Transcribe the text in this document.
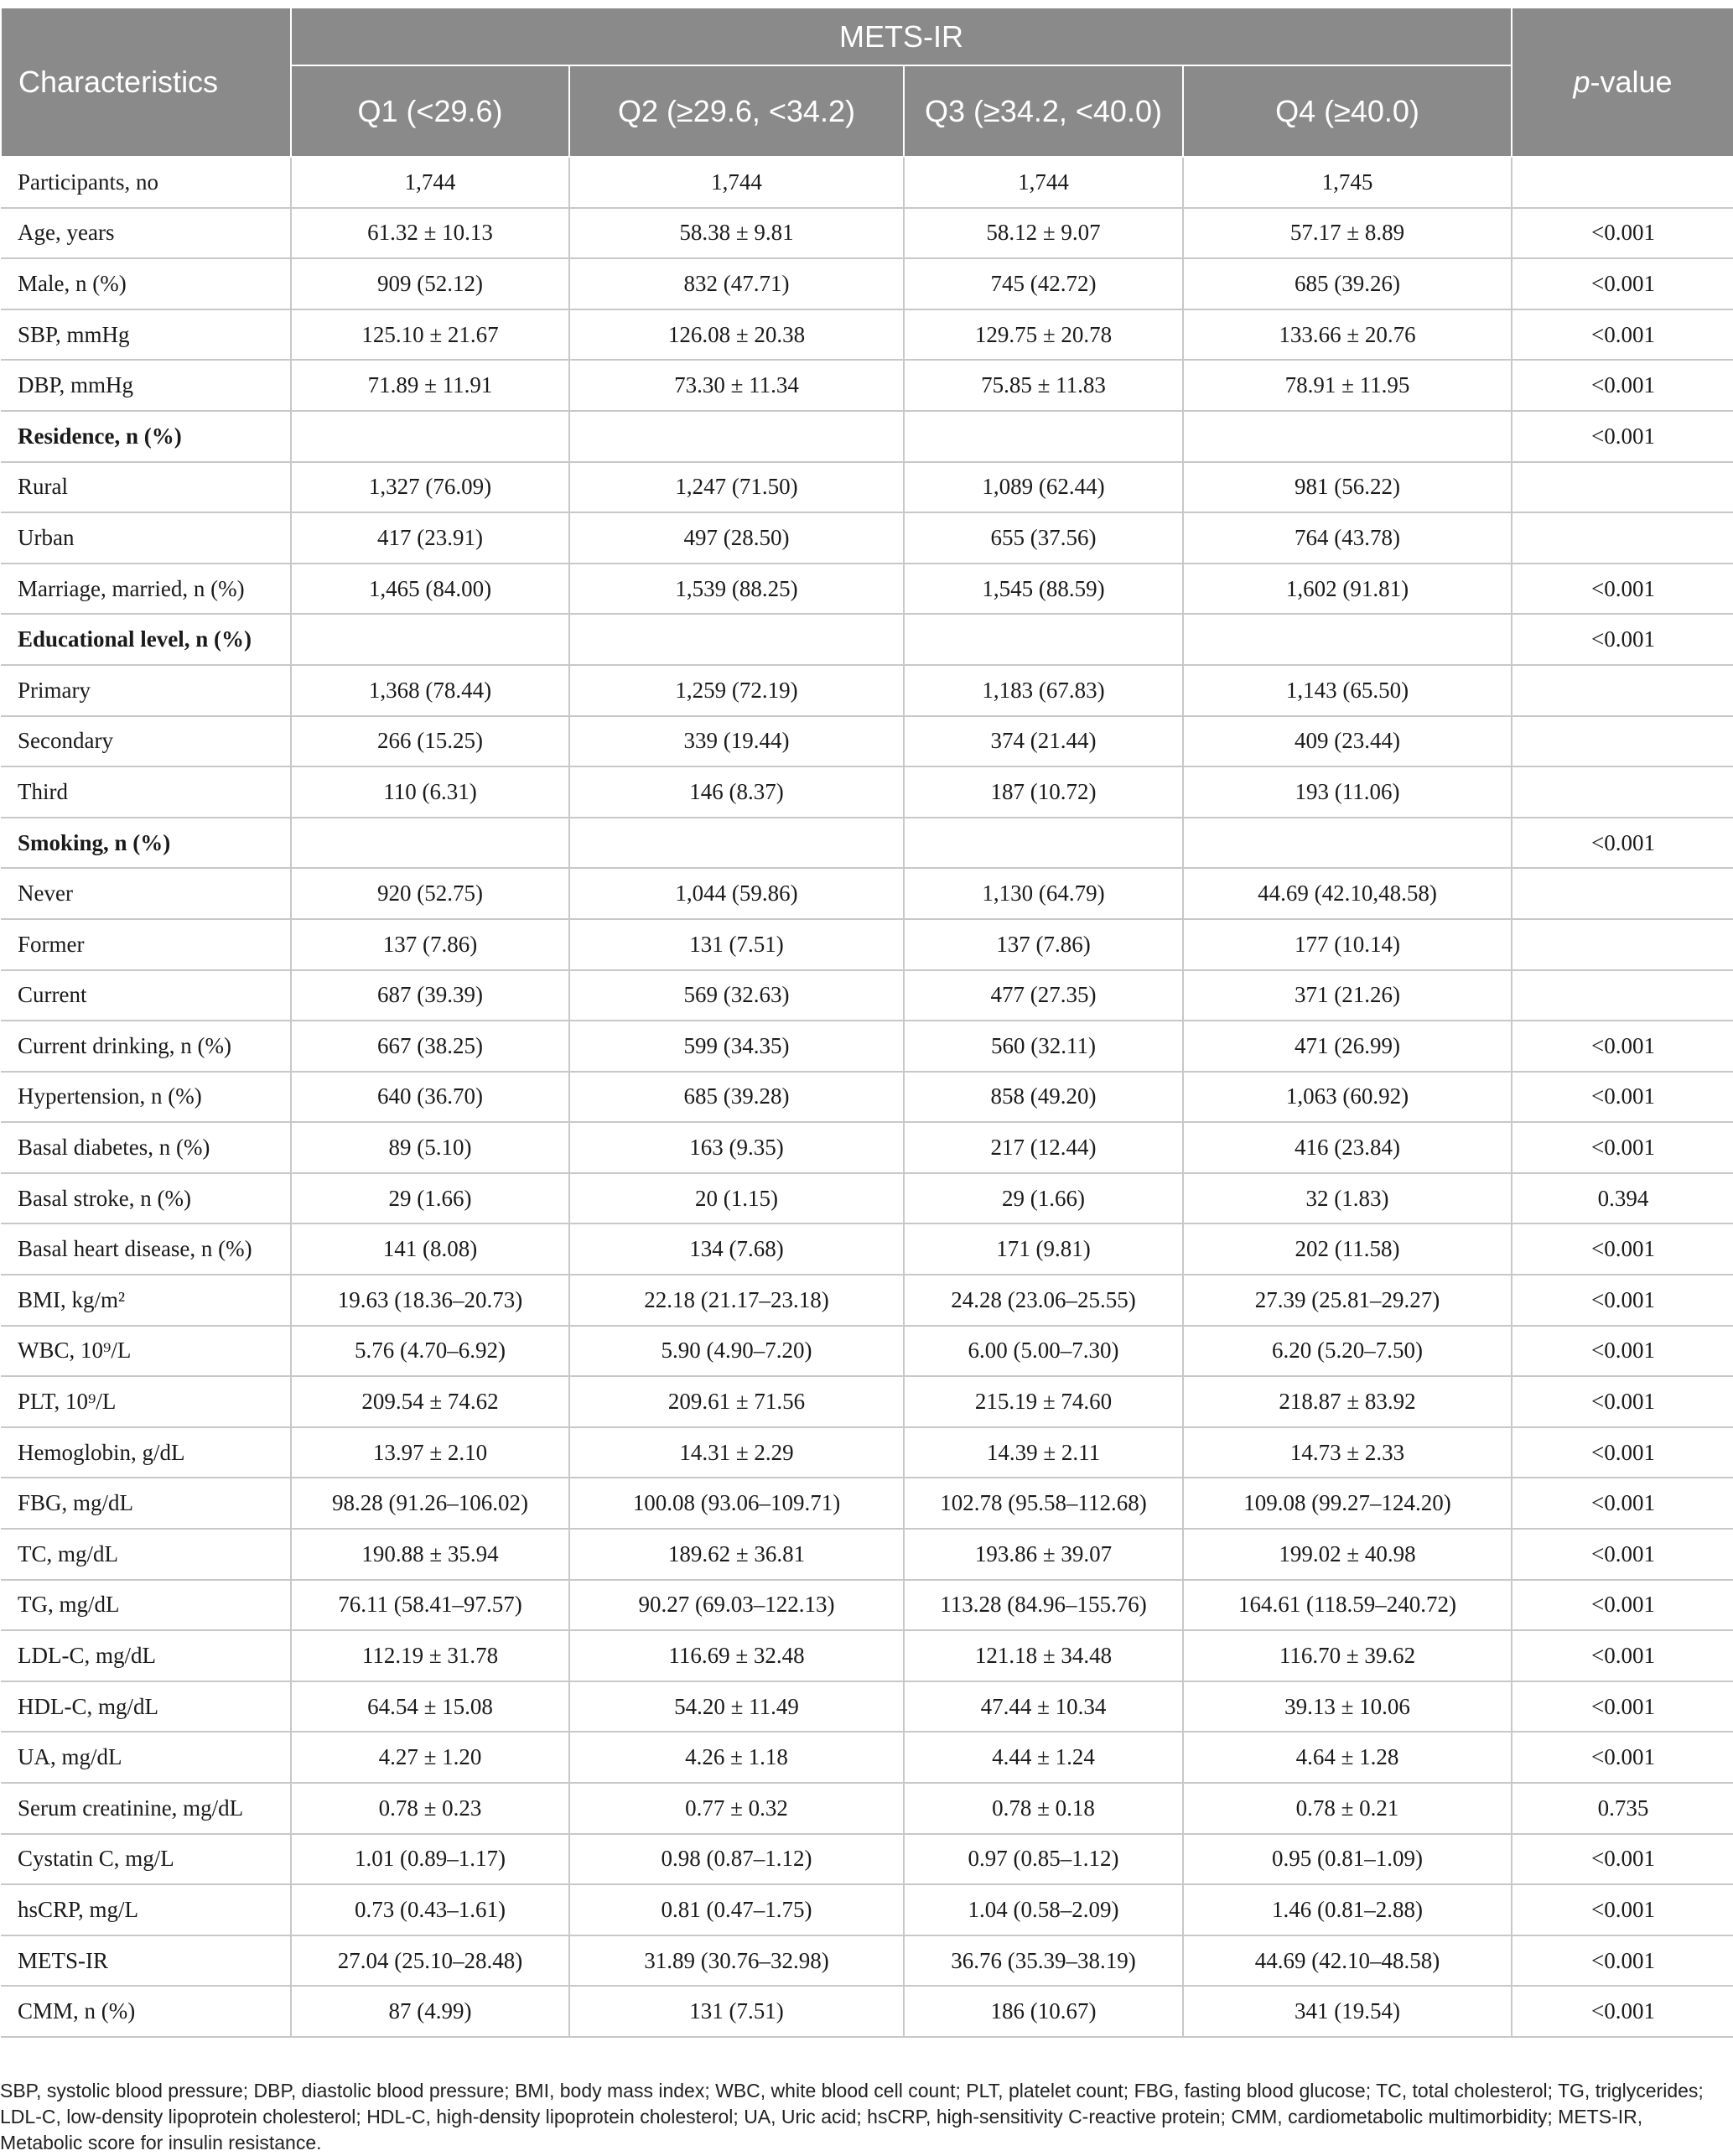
Characteristics	METS-IR				p-value
	Q1 (<29.6)	Q2 (≥29.6, <34.2)	Q3 (≥34.2, <40.0)	Q4 (≥40.0)	
Participants, no	1,744	1,744	1,744	1,745	
Age, years	61.32 ± 10.13	58.38 ± 9.81	58.12 ± 9.07	57.17 ± 8.89	<0.001
Male, n (%)	909 (52.12)	832 (47.71)	745 (42.72)	685 (39.26)	<0.001
SBP, mmHg	125.10 ± 21.67	126.08 ± 20.38	129.75 ± 20.78	133.66 ± 20.76	<0.001
DBP, mmHg	71.89 ± 11.91	73.30 ± 11.34	75.85 ± 11.83	78.91 ± 11.95	<0.001
Residence, n (%)					<0.001
Rural	1,327 (76.09)	1,247 (71.50)	1,089 (62.44)	981 (56.22)	
Urban	417 (23.91)	497 (28.50)	655 (37.56)	764 (43.78)	
Marriage, married, n (%)	1,465 (84.00)	1,539 (88.25)	1,545 (88.59)	1,602 (91.81)	<0.001
Educational level, n (%)					<0.001
Primary	1,368 (78.44)	1,259 (72.19)	1,183 (67.83)	1,143 (65.50)	
Secondary	266 (15.25)	339 (19.44)	374 (21.44)	409 (23.44)	
Third	110 (6.31)	146 (8.37)	187 (10.72)	193 (11.06)	
Smoking, n (%)					<0.001
Never	920 (52.75)	1,044 (59.86)	1,130 (64.79)	44.69 (42.10,48.58)	
Former	137 (7.86)	131 (7.51)	137 (7.86)	177 (10.14)	
Current	687 (39.39)	569 (32.63)	477 (27.35)	371 (21.26)	
Current drinking, n (%)	667 (38.25)	599 (34.35)	560 (32.11)	471 (26.99)	<0.001
Hypertension, n (%)	640 (36.70)	685 (39.28)	858 (49.20)	1,063 (60.92)	<0.001
Basal diabetes, n (%)	89 (5.10)	163 (9.35)	217 (12.44)	416 (23.84)	<0.001
Basal stroke, n (%)	29 (1.66)	20 (1.15)	29 (1.66)	32 (1.83)	0.394
Basal heart disease, n (%)	141 (8.08)	134 (7.68)	171 (9.81)	202 (11.58)	<0.001
BMI, kg/m²	19.63 (18.36–20.73)	22.18 (21.17–23.18)	24.28 (23.06–25.55)	27.39 (25.81–29.27)	<0.001
WBC, 10⁹/L	5.76 (4.70–6.92)	5.90 (4.90–7.20)	6.00 (5.00–7.30)	6.20 (5.20–7.50)	<0.001
PLT, 10⁹/L	209.54 ± 74.62	209.61 ± 71.56	215.19 ± 74.60	218.87 ± 83.92	<0.001
Hemoglobin, g/dL	13.97 ± 2.10	14.31 ± 2.29	14.39 ± 2.11	14.73 ± 2.33	<0.001
FBG, mg/dL	98.28 (91.26–106.02)	100.08 (93.06–109.71)	102.78 (95.58–112.68)	109.08 (99.27–124.20)	<0.001
TC, mg/dL	190.88 ± 35.94	189.62 ± 36.81	193.86 ± 39.07	199.02 ± 40.98	<0.001
TG, mg/dL	76.11 (58.41–97.57)	90.27 (69.03–122.13)	113.28 (84.96–155.76)	164.61 (118.59–240.72)	<0.001
LDL-C, mg/dL	112.19 ± 31.78	116.69 ± 32.48	121.18 ± 34.48	116.70 ± 39.62	<0.001
HDL-C, mg/dL	64.54 ± 15.08	54.20 ± 11.49	47.44 ± 10.34	39.13 ± 10.06	<0.001
UA, mg/dL	4.27 ± 1.20	4.26 ± 1.18	4.44 ± 1.24	4.64 ± 1.28	<0.001
Serum creatinine, mg/dL	0.78 ± 0.23	0.77 ± 0.32	0.78 ± 0.18	0.78 ± 0.21	0.735
Cystatin C, mg/L	1.01 (0.89–1.17)	0.98 (0.87–1.12)	0.97 (0.85–1.12)	0.95 (0.81–1.09)	<0.001
hsCRP, mg/L	0.73 (0.43–1.61)	0.81 (0.47–1.75)	1.04 (0.58–2.09)	1.46 (0.81–2.88)	<0.001
METS-IR	27.04 (25.10–28.48)	31.89 (30.76–32.98)	36.76 (35.39–38.19)	44.69 (42.10–48.58)	<0.001
CMM, n (%)	87 (4.99)	131 (7.51)	186 (10.67)	341 (19.54)	<0.001
SBP, systolic blood pressure; DBP, diastolic blood pressure; BMI, body mass index; WBC, white blood cell count; PLT, platelet count; FBG, fasting blood glucose; TC, total cholesterol; TG, triglycerides; LDL-C, low-density lipoprotein cholesterol; HDL-C, high-density lipoprotein cholesterol; UA, Uric acid; hsCRP, high-sensitivity C-reactive protein; CMM, cardiometabolic multimorbidity; METS-IR, Metabolic score for insulin resistance.
